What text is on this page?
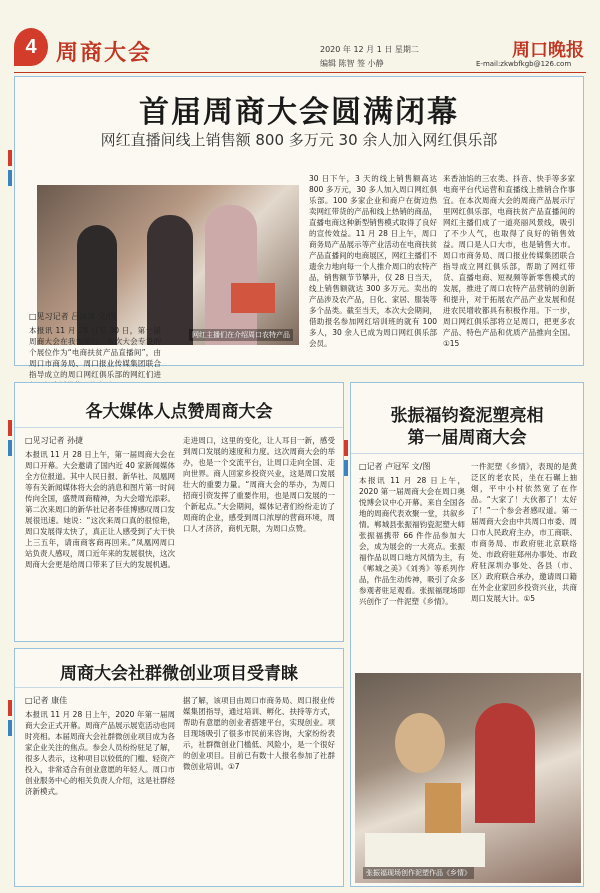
4 周商大会	2020 年 12 月 1 日 星期二
编辑 陈智 签 小静
周口晚报
E-mail:zkwbfkgb@126.com
首届周商大会圆满闭幕
网红直播间线上销售额 800 多万元 30 余人加入网红俱乐部
网红主播们在介绍周口农特产品
□见习记者 吕冰冰 文/图
本报讯 11 月 28 日至 30 日，第一届周商大会在我市举行。本次大会专设的个展位作为“电商扶贫产品直播间”，由周口市商务局、周口报业传媒集团联合指导成立的周口网红俱乐部的网红们进
30 日下午，3 天的线上销售额高达 800 多万元，30 多人加入周口网红俱乐部。100 多家企业和商户在街边热卖网红带货的产品和线上热销的商品，直播电商这种新型销售模式取得了良好的宣传效益。11 月 28 日上午，周口商务局产品展示等产业活动在电商扶贫产品直播间的电商展区，网红主播们不遗余力地向每一个人推介周口的农特产品，销售额节节攀升，仅 28 日当天，线上销售额就达 300 多万元。卖出的产品涉及农产品，日化、家居、服装等多个品类。截至当天，本次大会期间，借助报名参加网红培训班的就有 100 多人，30 余人已成为周口网红俱乐部会员。
来香油馅的三农类、抖音、快手等多家电商平台代运营和直播线上推销合作事宜。在本次周商大会的周商产品展示厅里网红俱乐部，电商扶贫产品直播间的网红主播们成了一道亮丽风景线，吸引了不少人气，也取得了良好的销售效益。周口是人口大市，也是销售大市。周口市商务局、周口报业传媒集团联合指导成立网红俱乐部，帮助了网红带货、直播电商、短视频等新零售模式的发展，推进了周口农特产品营销的创新和提升，对于拓展农产品产业发展和促进农民增收都具有积极作用。下一步，周口网红俱乐部将立足周口，把更多农产品、特色产品和优质产品推向全国。①15
各大媒体人点赞周商大会
□见习记者 孙捷
本报讯 11 月 28 日上午，第一届周商大会在周口开幕。大会邀请了国内近 40 家新闻媒体全方位报道。其中人民日报、新华社、凤凰网等有关新闻媒体将大会的消息和图片第一时间传向全国，盛赞周商精神，为大会增光添彩。第二次来周口的新华社记者李佳博感叹周口发展很迅速。她说：“这次来周口真的很惊艳，周口发展得太快了，真正让人感受到了大干快上三五年，请南商客商再回来。”凤凰网周口站负责人感叹，周口近年来的发展很快，这次周商大会更是给周口带来了巨大的发展机遇。
走进周口，这里的变化，让人耳目一新，感受到周口发展的速度和力度。这次周商大会的举办，也是一个交流平台，让周口走向全国、走向世界。商人回家乡投资兴业，这是周口发展壮大的重要力量。“周商大会的举办，为周口招商引资发挥了重要作用，也是周口发展的一个新起点。”大会期间，媒体记者们纷纷走访了周商的企业，感受到周口浓厚的营商环境，周口人才济济，商机无限，为周口点赞。
周商大会社群微创业项目受青睐
□记者 康佳
本报讯 11 月 28 日上午，2020 年第一届周商大会正式开幕。周商产品展示展览活动也同时亮相。本届周商大会社群微创业项目成为各家企业关注的焦点。参会人员纷纷驻足了解，很多人表示，这种项目以较低的门槛、轻资产投入，非常适合有创业意愿的年轻人。周口市创业服务中心的相关负责人介绍，这是社群经济新模式。
据了解，该项目由周口市商务局、周口报业传媒集团指导，通过培训、孵化、扶持等方式，帮助有意愿的创业者搭建平台，实现创业。项目现场吸引了很多市民前来咨询，大家纷纷表示，社群微创业门槛低、风险小，是一个很好的创业项目。目前已有数十人报名参加了社群微创业培训。①7
张振福钧瓷泥塑亮相
第一届周商大会
□记者 卢冠军 文/图
本报讯 11 月 28 日上午，2020 第一届周商大会在周口奥悦博会议中心开幕。来自全国各地的周商代表欢聚一堂，共叙乡情。郸城县张振福钧瓷泥塑大师张振福携带 66 件作品参加大会，成为展会的一大亮点。张振福作品以周口地方风情为主，有《郸城之美》《刘秀》等系列作品，作品生动传神，吸引了众多参观者驻足观看。张振福现场即兴创作了一件泥塑《乡情》。
一件泥塑《乡情》，表现的是黄泛区的老农民，坐在石碾上抽烟，平中小村依然宽了在作品。“大家了！大伙都了！太好了！”一个参会者感叹道。第一届周商大会由中共周口市委、周口市人民政府主办，市工商联、市商务局、市政府驻北京联络处、市政府驻郑州办事处、市政府驻深圳办事处、各县（市、区）政府联合承办，邀请周口籍在外企业家回乡投资兴业，共商周口发展大计。①5
张振福现场创作泥塑作品《乡情》
